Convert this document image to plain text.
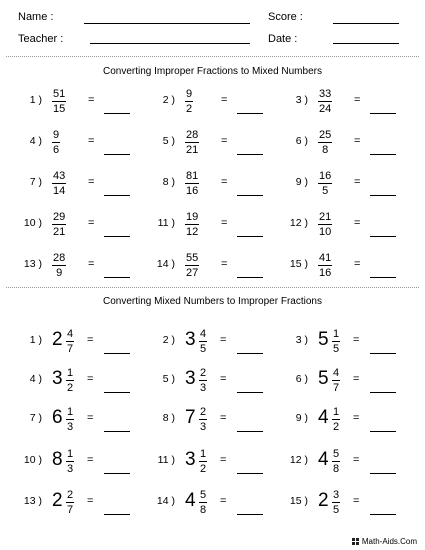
Name :
Teacher :
Score :
Date :
Converting Improper Fractions to Mixed Numbers
1 ) 51
15
=	2 ) 9
2
=	3 ) 33
24
=
4 ) 9
6
=	5 ) 28
21
=	6 ) 25
8
=
7 ) 43
14
=	8 ) 81
16
=	9 ) 16
5
=
10 ) 29
21
=	11 ) 19
12
=	12 ) 21
10
=
13 ) 28
9
=	14 ) 55
27
=	15 ) 41
16
=
Converting Mixed Numbers to Improper Fractions
1 ) 2 4
7
=	2 ) 3 4
5
=	3 ) 5 1
5
=
4 ) 3 1
2
=	5 ) 3 2
3
=	6 ) 5 4
7
=
7 ) 6 1
3
=	8 ) 7 2
3
=	9 ) 4 1
2
=
10 ) 8 1
3
=	11 ) 3 1
2
=	12 ) 4 5
8
=
13 ) 2 2
7
=	14 ) 4 5
8
=	15 ) 2 3
5
=
Math-Aids.Com
